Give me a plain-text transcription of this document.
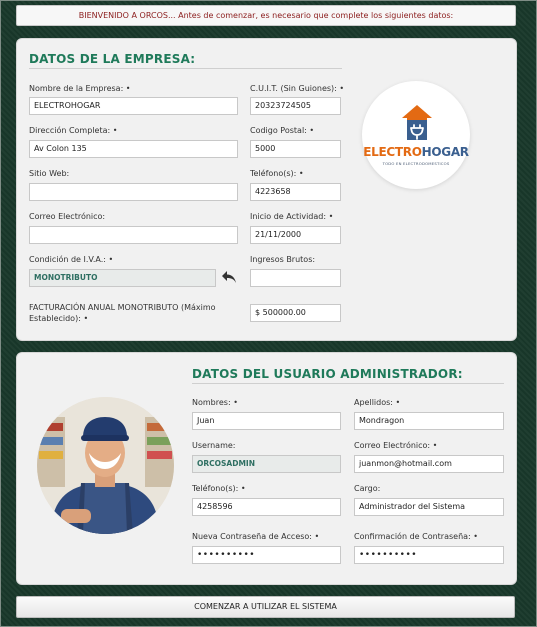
BIENVENIDO A ORCOS... Antes de comenzar, es necesario que complete los siguientes datos:
DATOS DE LA EMPRESA:
Nombre de la Empresa: •
ELECTROHOGAR
C.U.I.T. (Sin Guiones): •
20323724505
Dirección Completa: •
Av Colon 135
Codigo Postal: •
5000
Sitio Web:	Teléfono(s): •
4223658
Correo Electrónico:	Inicio de Actividad: •
21/11/2000
Condición de I.V.A.: •
MONOTRIBUTO
Ingresos Brutos:
FACTURACIÓN ANUAL MONOTRIBUTO (Máximo Establecido): •
$ 500000.00
ELECTROHOGAR
TODO EN ELECTRODOMESTICOS
DATOS DEL USUARIO ADMINISTRADOR:
Nombres: •
Juan
Apellidos: •
Mondragon
Username:
ORCOSADMIN
Correo Electrónico: •
juanmon@hotmail.com
Teléfono(s): •
4258596
Cargo:
Administrador del Sistema
Nueva Contraseña de Acceso: •
••••••••••
Confirmación de Contraseña: •
••••••••••
COMENZAR A UTILIZAR EL SISTEMA
